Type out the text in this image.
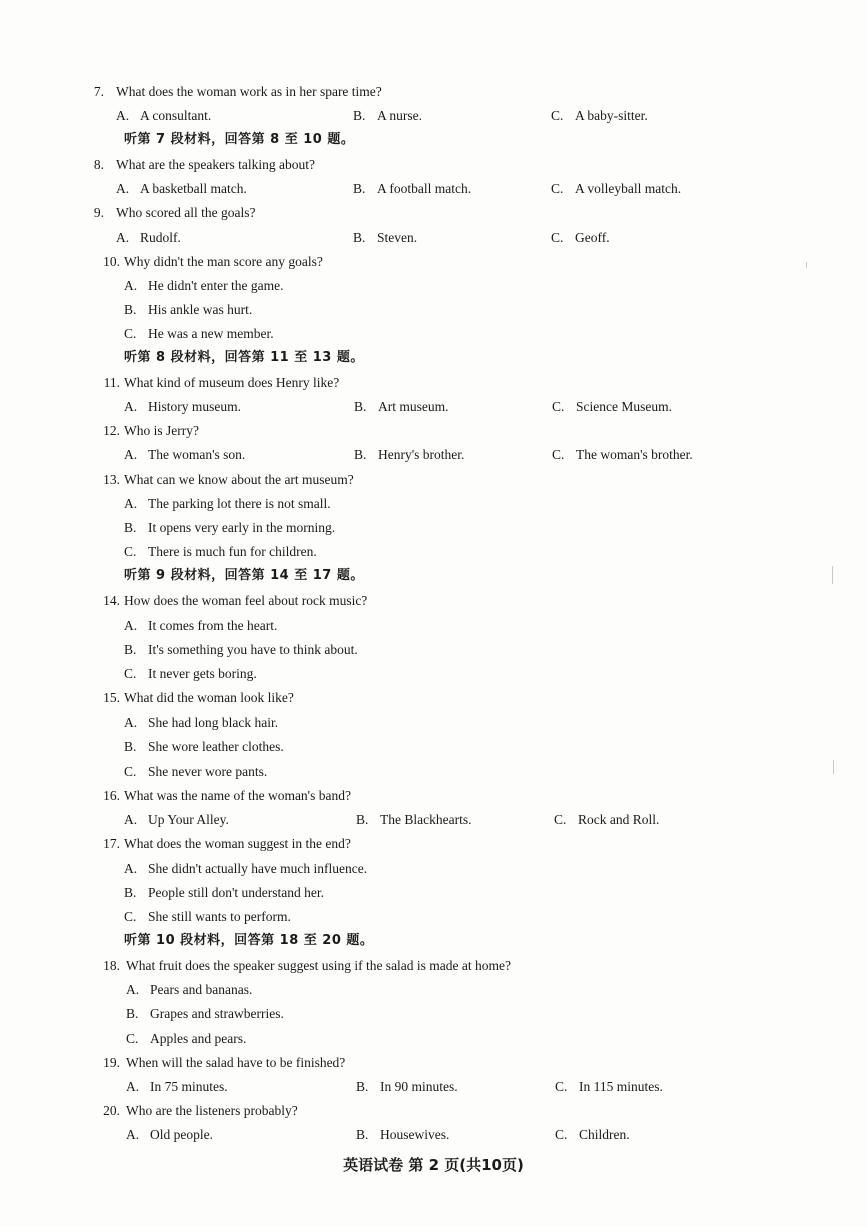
7. What does the woman work as in her spare time?
A. A consultant.	B. A nurse.	C. A baby-sitter.
听第 7 段材料，回答第 8 至 10 题。
8. What are the speakers talking about?
A. A basketball match.	B. A football match.	C. A volleyball match.
9. Who scored all the goals?
A. Rudolf.	B. Steven.	C. Geoff.
10. Why didn't the man score any goals?
A. He didn't enter the game.
B. His ankle was hurt.
C. He was a new member.
听第 8 段材料，回答第 11 至 13 题。
11. What kind of museum does Henry like?
A. History museum.	B. Art museum.	C. Science Museum.
12. Who is Jerry?
A. The woman's son.	B. Henry's brother.	C. The woman's brother.
13. What can we know about the art museum?
A. The parking lot there is not small.
B. It opens very early in the morning.
C. There is much fun for children.
听第 9 段材料，回答第 14 至 17 题。
14. How does the woman feel about rock music?
A. It comes from the heart.
B. It's something you have to think about.
C. It never gets boring.
15. What did the woman look like?
A. She had long black hair.
B. She wore leather clothes.
C. She never wore pants.
16. What was the name of the woman's band?
A. Up Your Alley.	B. The Blackhearts.	C. Rock and Roll.
17. What does the woman suggest in the end?
A. She didn't actually have much influence.
B. People still don't understand her.
C. She still wants to perform.
听第 10 段材料，回答第 18 至 20 题。
18. What fruit does the speaker suggest using if the salad is made at home?
A. Pears and bananas.
B. Grapes and strawberries.
C. Apples and pears.
19. When will the salad have to be finished?
A. In 75 minutes.	B. In 90 minutes.	C. In 115 minutes.
20. Who are the listeners probably?
A. Old people.	B. Housewives.	C. Children.
英语试卷 第 2 页(共10页)
